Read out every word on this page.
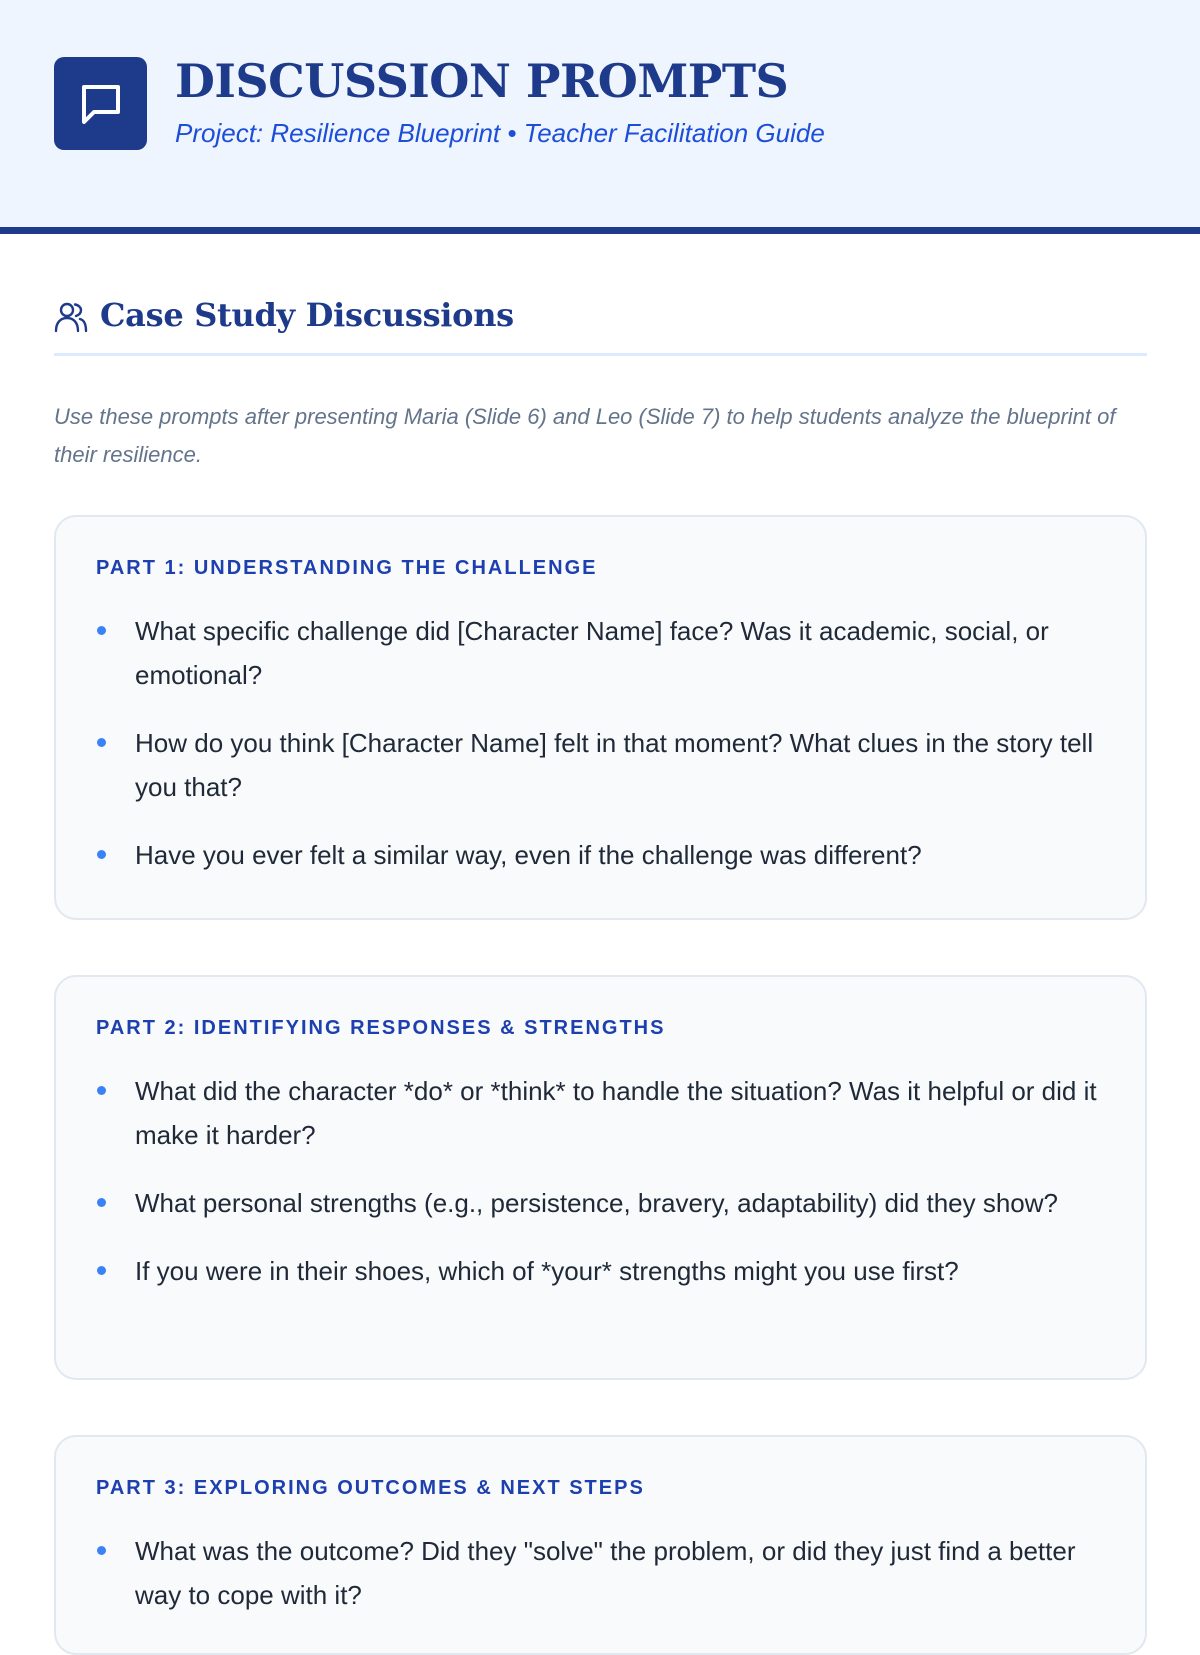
DISCUSSION PROMPTS
Project: Resilience Blueprint • Teacher Facilitation Guide
Case Study Discussions
Use these prompts after presenting Maria (Slide 6) and Leo (Slide 7) to help students analyze the blueprint of their resilience.
PART 1: UNDERSTANDING THE CHALLENGE
What specific challenge did [Character Name] face? Was it academic, social, or emotional?
How do you think [Character Name] felt in that moment? What clues in the story tell you that?
Have you ever felt a similar way, even if the challenge was different?
PART 2: IDENTIFYING RESPONSES & STRENGTHS
What did the character *do* or *think* to handle the situation? Was it helpful or did it make it harder?
What personal strengths (e.g., persistence, bravery, adaptability) did they show?
If you were in their shoes, which of *your* strengths might you use first?
PART 3: EXPLORING OUTCOMES & NEXT STEPS
What was the outcome? Did they "solve" the problem, or did they just find a better way to cope with it?
